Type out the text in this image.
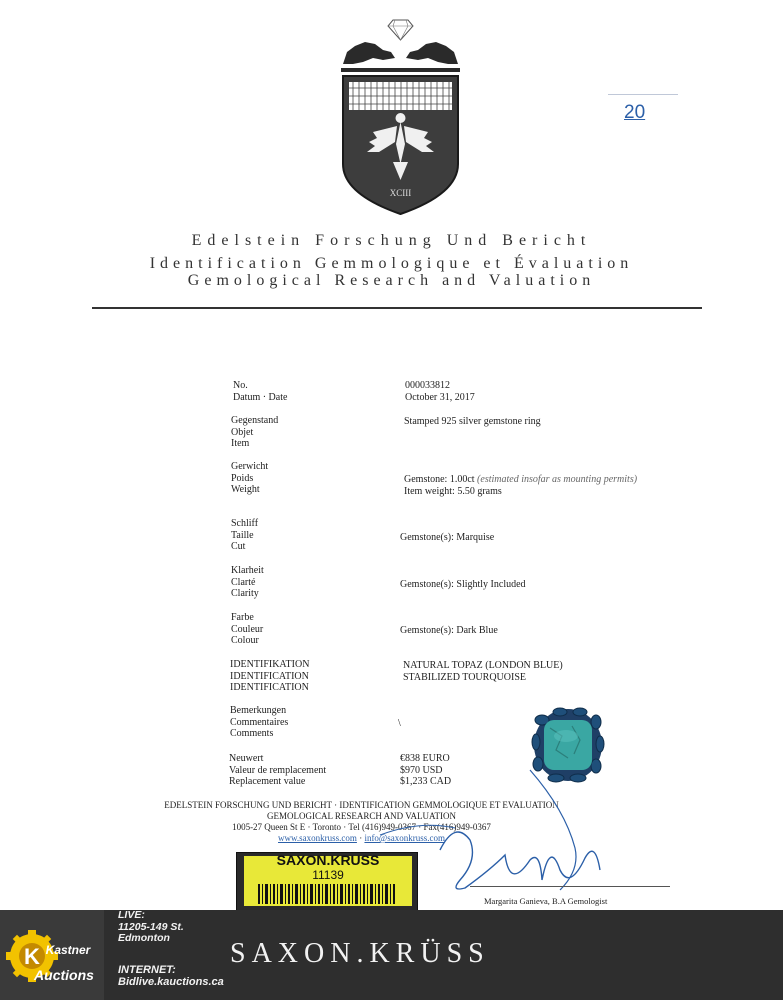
20
XCIII
Edelstein Forschung Und Bericht
Identification Gemmologique et Évaluation
Gemological Research and Valuation
No.
Datum · Date
000033812
October 31, 2017
Gegenstand
Objet
Item
Stamped 925 silver gemstone ring
Gerwicht
Poids
Weight
Gemstone: 1.00ct (estimated insofar as mounting permits)
Item weight: 5.50 grams
Schliff
Taille
Cut
Gemstone(s): Marquise
Klarheit
Clarté
Clarity
Gemstone(s): Slightly Included
Farbe
Couleur
Colour
Gemstone(s): Dark Blue
IDENTIFIKATION
IDENTIFICATION
IDENTIFICATION
NATURAL TOPAZ (LONDON BLUE)
STABILIZED TOURQUOISE
Bemerkungen
Commentaires
Comments
\
Neuwert
Valeur de remplacement
Replacement value
€838 EURO
$970 USD
$1,233 CAD
EDELSTEIN FORSCHUNG UND BERICHT · IDENTIFICATION GEMMOLOGIQUE ET EVALUATION
GEMOLOGICAL RESEARCH AND VALUATION
1005-27 Queen St E · Toronto · Tel (416)949-0367 · Fax(416)949-0367
www.saxonkruss.com · info@saxonkruss.com
Margarita Ganieva, B.A Gemologist
SAXON.KRUSS
11139
K Kastner
Auctions
LIVE:
11205-149 St.
Edmonton
INTERNET:
Bidlive.kauctions.ca
SAXON.KRÜSS
